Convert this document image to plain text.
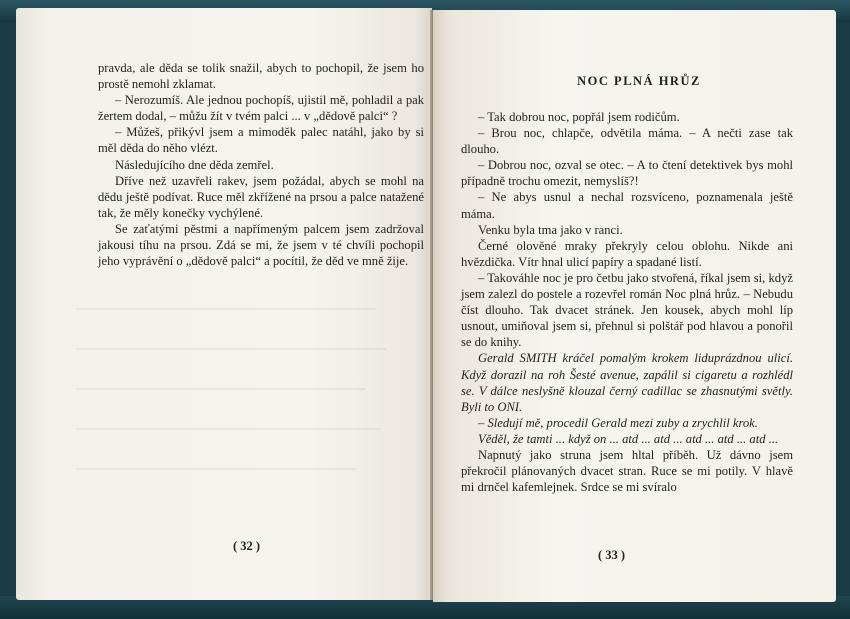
pravda, ale děda se tolik snažil, abych to pochopil, že jsem ho prostě nemohl zklamat.

– Nerozumíš. Ale jednou pochopíš, ujistil mě, pohladil a pak žertem dodal, – můžu žít v tvém palci ... v „dědově palci“ ?

– Můžeš, přikývl jsem a mimoděk palec natáhl, jako by si měl děda do něho vlézt.

Následujícího dne děda zemřel.

Dříve než uzavřeli rakev, jsem požádal, abych se mohl na dědu ještě podívat. Ruce měl zkřížené na prsou a palce natažené tak, že měly konečky vychýlené.

Se zaťatými pěstmi a napřímeným palcem jsem zadržoval jakousi tíhu na prsou. Zdá se mi, že jsem v té chvíli pochopil jeho vyprávění o „dědově palci“ a pocítil, že děd ve mně žije.

( 32 )
NOC PLNÁ HRŮZ

– Tak dobrou noc, popřál jsem rodičům.

– Brou noc, chlapče, odvětila máma. – A nečti zase tak dlouho.

– Dobrou noc, ozval se otec. – A to čtení detektivek bys mohl případně trochu omezit, nemyslíš?!

– Ne abys usnul a nechal rozsvíceno, poznamenala ještě máma.

Venku byla tma jako v ranci.

Černé olověné mraky překryly celou oblohu. Nikde ani hvězdička. Vítr hnal ulicí papíry a spadané listí.

– Takováhle noc je pro četbu jako stvořená, říkal jsem si, když jsem zalezl do postele a rozevřel román Noc plná hrůz. – Nebudu číst dlouho. Tak dvacet stránek. Jen kousek, abych mohl líp usnout, umiňoval jsem si, přehnul si polštář pod hlavou a ponořil se do knihy.

Gerald SMITH kráčel pomalým krokem liduprázdnou ulicí. Když dorazil na roh Šesté avenue, zapálil si cigaretu a rozhlédl se. V dálce neslyšně klouzal černý cadillac se zhasnutými světly. Byli to ONI.

– Sledují mě, procedil Gerald mezi zuby a zrychlil krok.

Věděl, že tamti ... když on ... atd ... atd ... atd ... atd ... atd ...

Napnutý jako struna jsem hltal příběh. Už dávno jsem překročil plánovaných dvacet stran. Ruce se mi potily. V hlavě mi drnčel kafemlejnek. Srdce se mi svíralo

( 33 )
